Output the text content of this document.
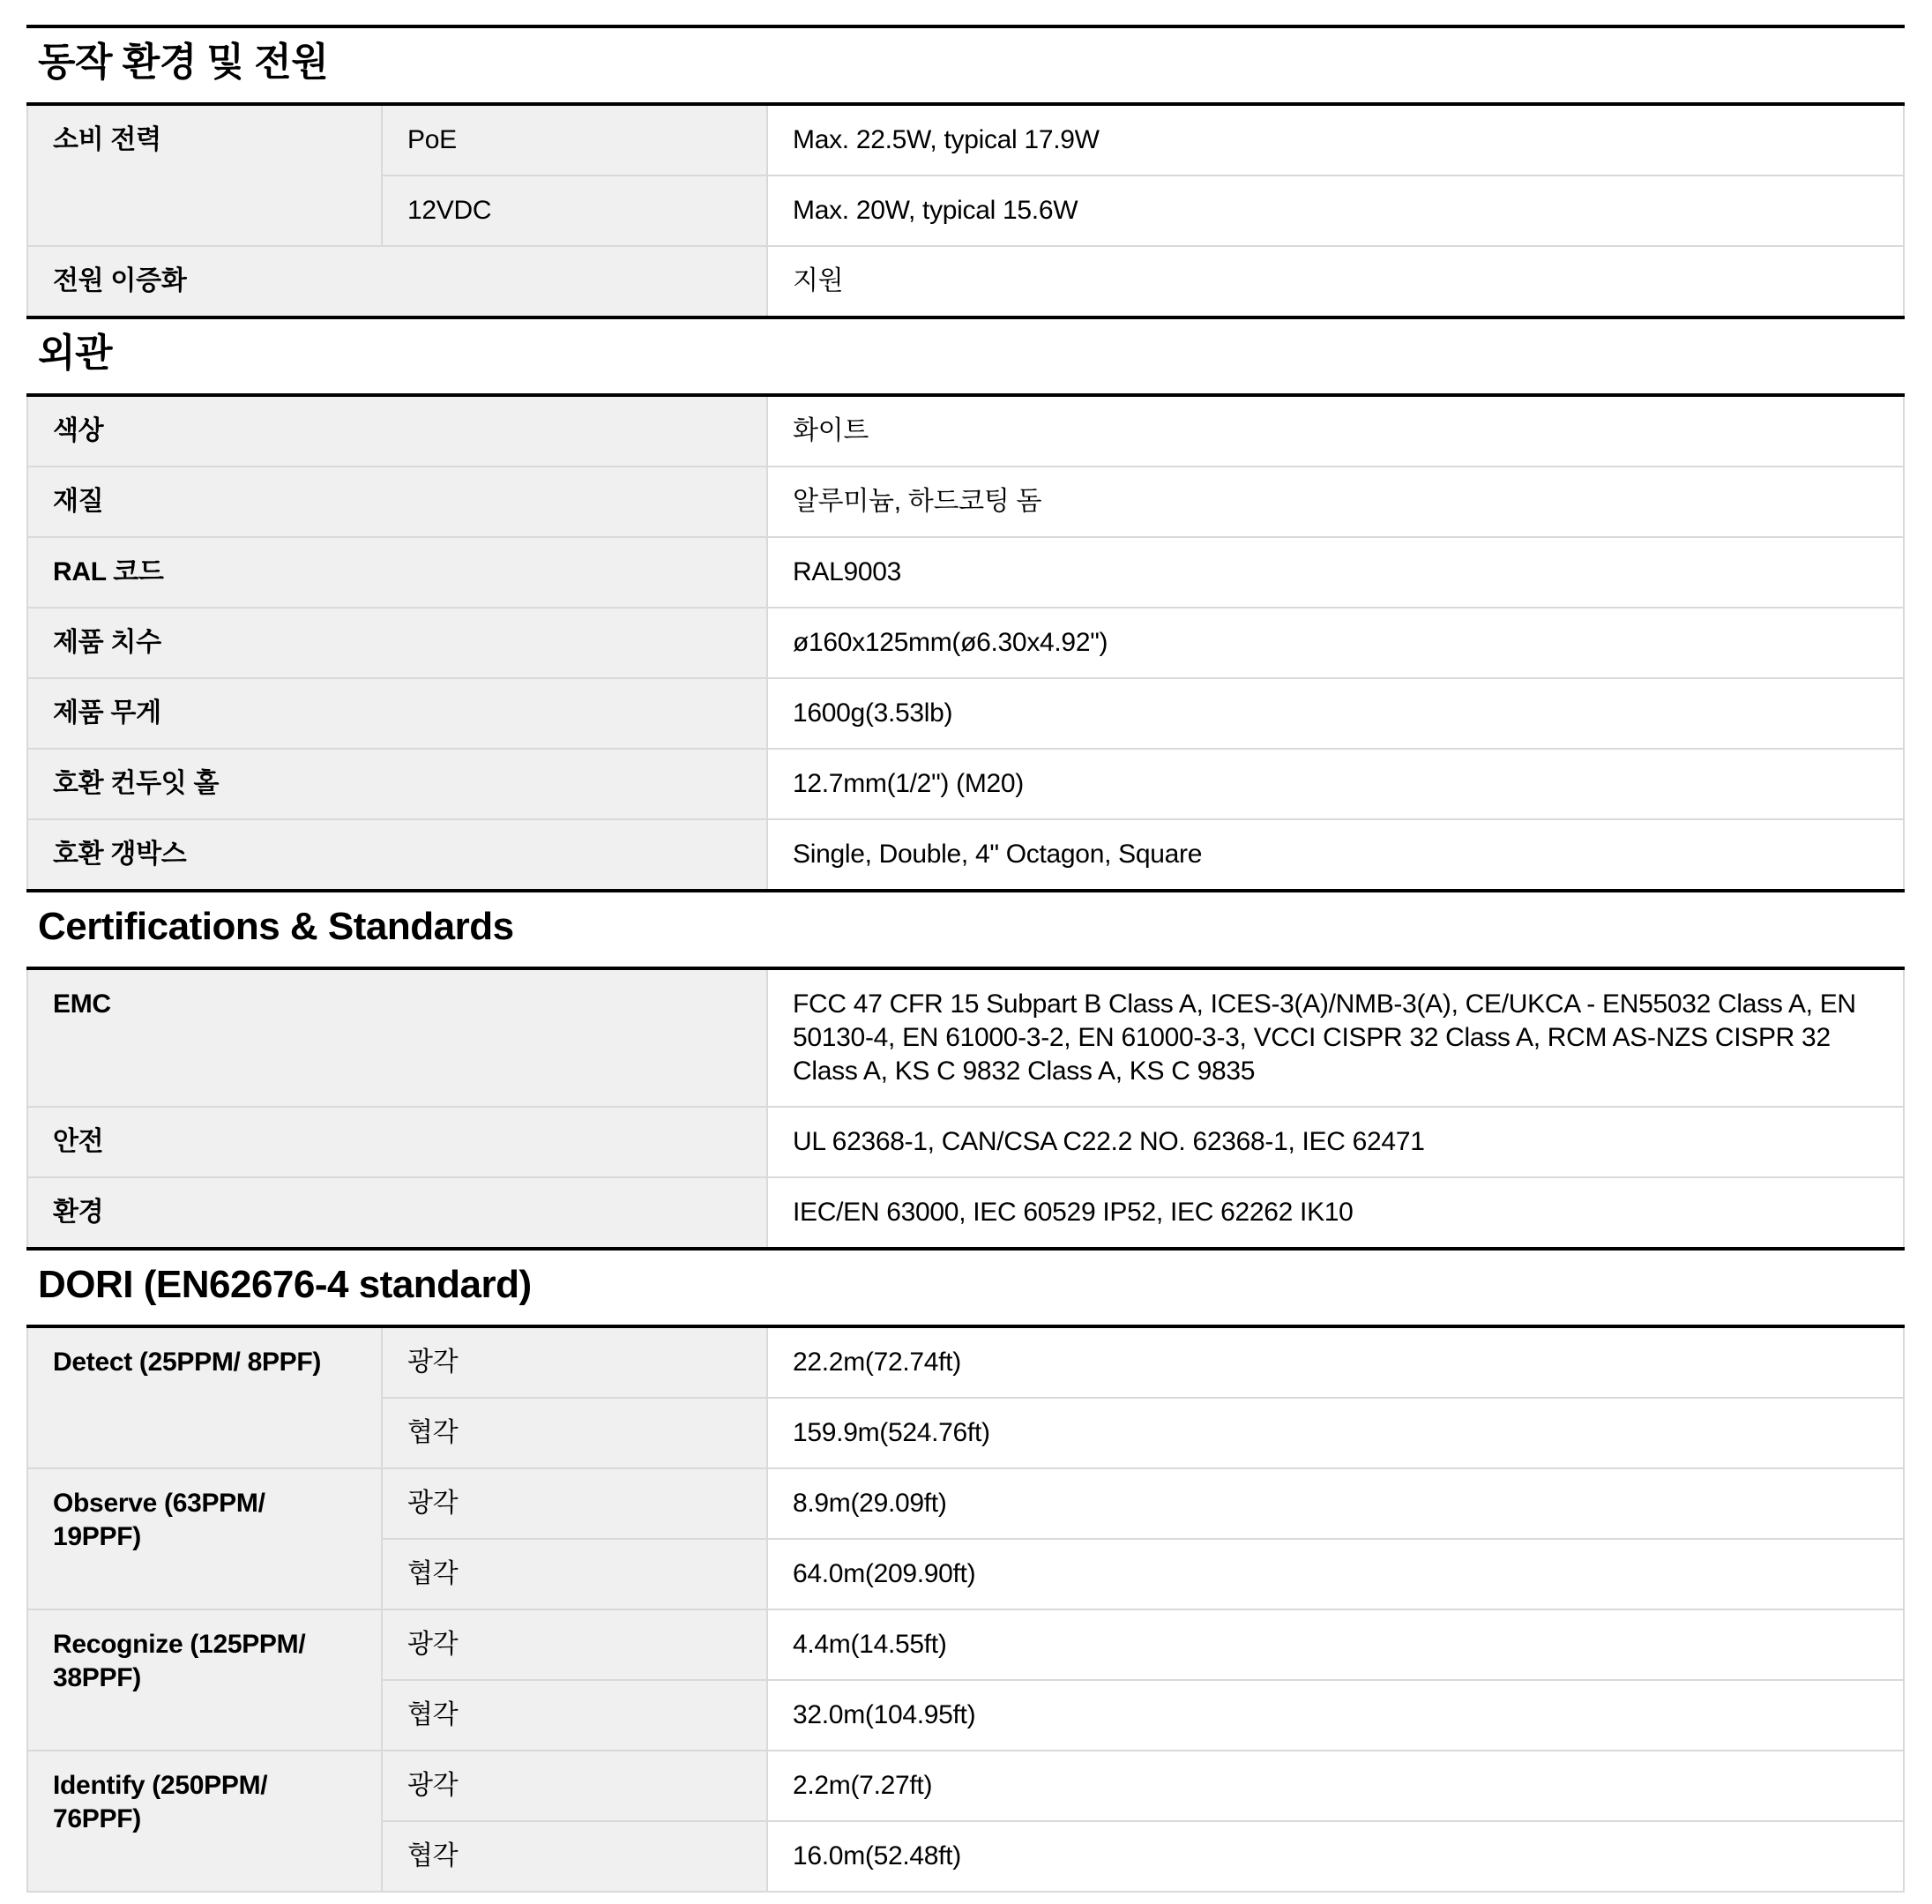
동작 환경 및 전원
소비 전력	PoE	Max. 22.5W, typical 17.9W
	12VDC	Max. 20W, typical 15.6W
전원 이증화		지원
외관
색상	화이트
재질	알루미늄, 하드코팅 돔
RAL 코드	RAL9003
제품 치수	ø160x125mm(ø6.30x4.92")
제품 무게	1600g(3.53lb)
호환 컨두잇 홀	12.7mm(1/2") (M20)
호환 갱박스	Single, Double, 4" Octagon, Square
Certifications & Standards
EMC	FCC 47 CFR 15 Subpart B Class A, ICES-3(A)/NMB-3(A), CE/UKCA - EN55032 Class A, EN 50130-4, EN 61000-3-2, EN 61000-3-3, VCCI CISPR 32 Class A, RCM AS-NZS CISPR 32 Class A, KS C 9832 Class A, KS C 9835
안전	UL 62368-1, CAN/CSA C22.2 NO. 62368-1, IEC 62471
환경	IEC/EN 63000, IEC 60529 IP52, IEC 62262 IK10
DORI (EN62676-4 standard)
Detect (25PPM/ 8PPF)	광각	22.2m(72.74ft)
	협각	159.9m(524.76ft)
Observe (63PPM/ 19PPF)	광각	8.9m(29.09ft)
	협각	64.0m(209.90ft)
Recognize (125PPM/ 38PPF)	광각	4.4m(14.55ft)
	협각	32.0m(104.95ft)
Identify (250PPM/ 76PPF)	광각	2.2m(7.27ft)
	협각	16.0m(52.48ft)
